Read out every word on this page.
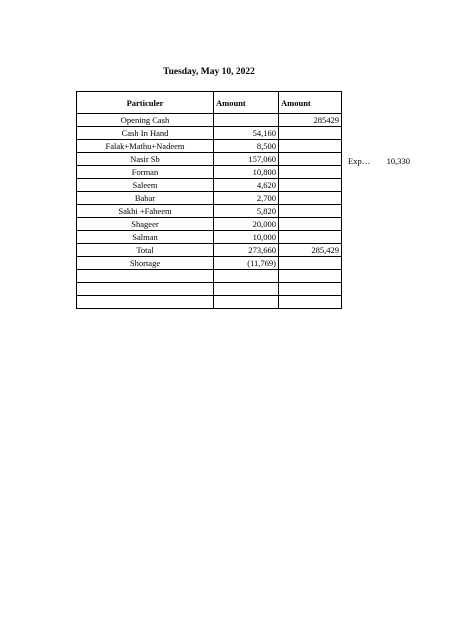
Tuesday, May 10, 2022
Particuler	Amount	Amount
Opening Cash		285429
Cash In Hand	54,160	
Falak+Mathu+Nadeem	8,500	
Nasir Sb	157,060	
Forman	10,800	
Saleem	4,620	
Babar	2,700	
Sakhi +Faheem	5,820	
Shageer	20,000	
Salman	10,000	
Total	273,660	285,429
Shortage	(11,769)	

Exp…	10,330
